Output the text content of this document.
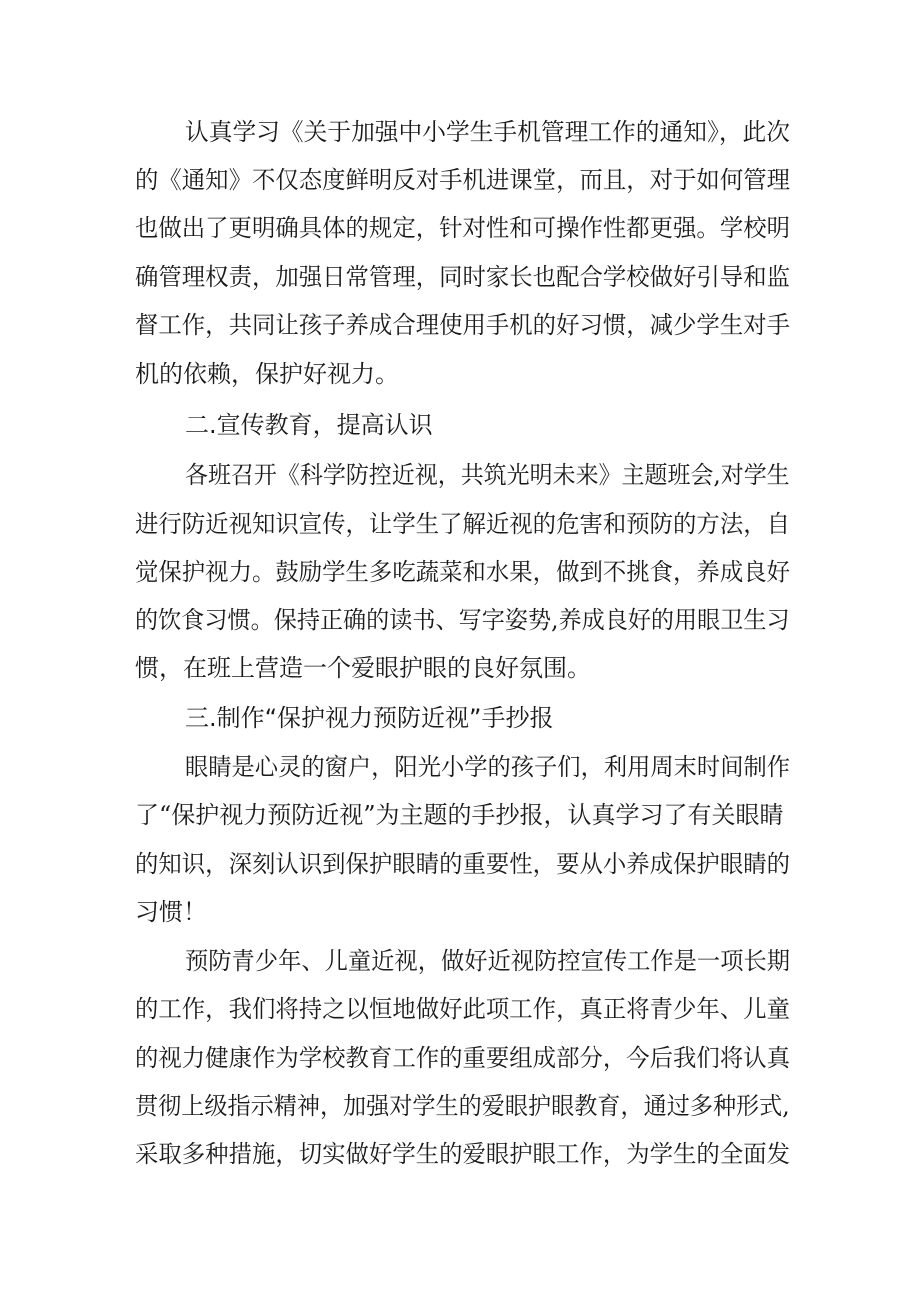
认真学习《关于加强中小学生手机管理工作的通知》，此次
的《通知》不仅态度鲜明反对手机进课堂，而且，对于如何管理
也做出了更明确具体的规定，针对性和可操作性都更强。学校明
确管理权责，加强日常管理，同时家长也配合学校做好引导和监
督工作，共同让孩子养成合理使用手机的好习惯，减少学生对手
机的依赖，保护好视力。
二.宣传教育，提高认识
各班召开《科学防控近视，共筑光明未来》主题班会,对学生
进行防近视知识宣传，让学生了解近视的危害和预防的方法，自
觉保护视力。鼓励学生多吃蔬菜和水果，做到不挑食，养成良好
的饮食习惯。保持正确的读书、写字姿势,养成良好的用眼卫生习
惯，在班上营造一个爱眼护眼的良好氛围。
三.制作“保护视力预防近视”手抄报
眼睛是心灵的窗户，阳光小学的孩子们，利用周末时间制作
了“保护视力预防近视”为主题的手抄报，认真学习了有关眼睛
的知识，深刻认识到保护眼睛的重要性，要从小养成保护眼睛的
习惯！
预防青少年、儿童近视，做好近视防控宣传工作是一项长期
的工作，我们将持之以恒地做好此项工作，真正将青少年、儿童
的视力健康作为学校教育工作的重要组成部分，今后我们将认真
贯彻上级指示精神，加强对学生的爱眼护眼教育，通过多种形式,
采取多种措施，切实做好学生的爱眼护眼工作，为学生的全面发
